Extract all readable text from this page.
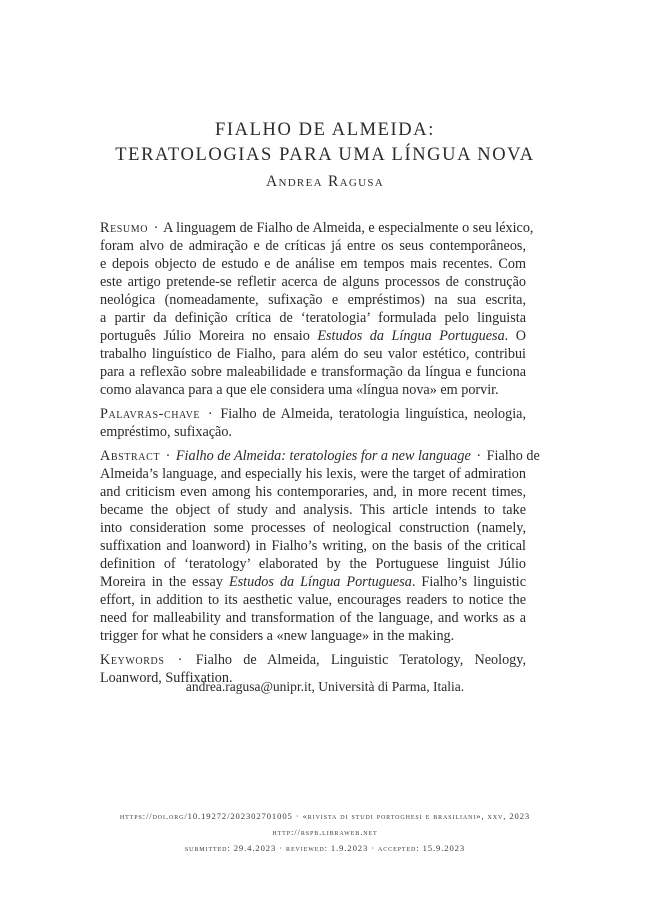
FIALHO DE ALMEIDA:
TERATOLOGIAS PARA UMA LÍNGUA NOVA
Andrea Ragusa
Resumo · A linguagem de Fialho de Almeida, e especialmente o seu léxico,
foram alvo de admiração e de críticas já entre os seus contemporâneos,
e depois objecto de estudo e de análise em tempos mais recentes. Com
este artigo pretende-se refletir acerca de alguns processos de construção
neológica (nomeadamente, sufixação e empréstimos) na sua escrita,
a partir da definição crítica de ‘teratologia’ formulada pelo linguista
português Júlio Moreira no ensaio Estudos da Língua Portuguesa. O
trabalho linguístico de Fialho, para além do seu valor estético, contribui
para a reflexão sobre maleabilidade e transformação da língua e funciona
como alavanca para a que ele considera uma «língua nova» em porvir.
Palavras-chave · Fialho de Almeida, teratologia linguística, neologia,
empréstimo, sufixação.
Abstract · Fialho de Almeida: teratologies for a new language · Fialho de
Almeida’s language, and especially his lexis, were the target of admiration
and criticism even among his contemporaries, and, in more recent times,
became the object of study and analysis. This article intends to take
into consideration some processes of neological construction (namely,
suffixation and loanword) in Fialho’s writing, on the basis of the critical
definition of ‘teratology’ elaborated by the Portuguese linguist Júlio
Moreira in the essay Estudos da Língua Portuguesa. Fialho’s linguistic
effort, in addition to its aesthetic value, encourages readers to notice the
need for malleability and transformation of the language, and works as a
trigger for what he considers a «new language» in the making.
Keywords · Fialho de Almeida, Linguistic Teratology, Neology,
Loanword, Suffixation.
andrea.ragusa@unipr.it, Università di Parma, Italia.
https://doi.org/10.19272/202302701005 · «rivista di studi portoghesi e brasiliani», xxv, 2023
http://rspb.libraweb.net
submitted: 29.4.2023 · reviewed: 1.9.2023 · accepted: 15.9.2023
